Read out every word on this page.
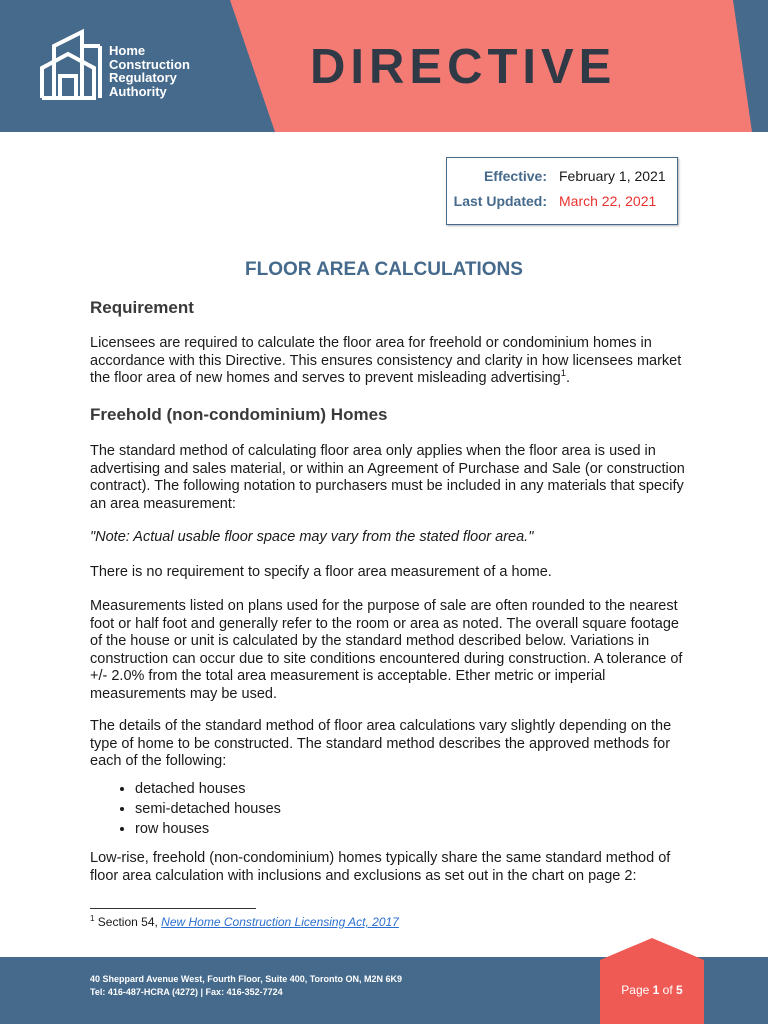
Home
Construction
Regulatory
Authority	DIRECTIVE
Effective: February 1, 2021
Last Updated: March 22, 2021
FLOOR AREA CALCULATIONS
Requirement

Licensees are required to calculate the floor area for freehold or condominium homes in accordance with this Directive. This ensures consistency and clarity in how licensees market the floor area of new homes and serves to prevent misleading advertising$^1$.

Freehold (non-condominium) Homes

The standard method of calculating floor area only applies when the floor area is used in advertising and sales material, or within an Agreement of Purchase and Sale (or construction contract). The following notation to purchasers must be included in any materials that specify an area measurement:

"Note: Actual usable floor space may vary from the stated floor area."

There is no requirement to specify a floor area measurement of a home.

Measurements listed on plans used for the purpose of sale are often rounded to the nearest foot or half foot and generally refer to the room or area as noted. The overall square footage of the house or unit is calculated by the standard method described below. Variations in construction can occur due to site conditions encountered during construction. A tolerance of +/- 2.0% from the total area measurement is acceptable. Ether metric or imperial measurements may be used.

The details of the standard method of floor area calculations vary slightly depending on the type of home to be constructed. The standard method describes the approved methods for each of the following:

• detached houses
• semi-detached houses
• row houses

Low-rise, freehold (non-condominium) homes typically share the same standard method of floor area calculation with inclusions and exclusions as set out in the chart on page 2:

$^1$ Section 54, New Home Construction Licensing Act, 2017
40 Sheppard Avenue West, Fourth Floor, Suite 400, Toronto ON, M2N 6K9
Tel: 416-487-HCRA (4272) | Fax: 416-352-7724	Page 1 of 5
